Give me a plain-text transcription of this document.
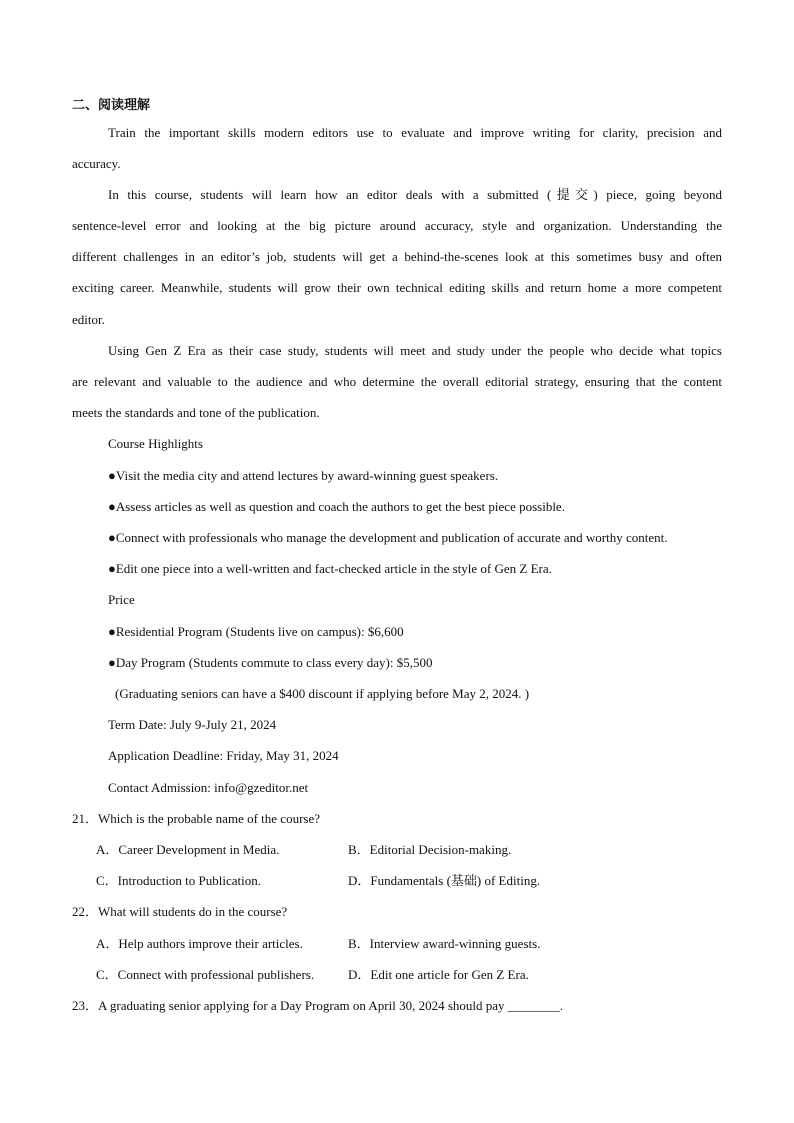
二、阅读理解
Train the important skills modern editors use to evaluate and improve writing for clarity, precision and
accuracy.
In this course, students will learn how an editor deals with a submitted (提交) piece, going beyond
sentence-level error and looking at the big picture around accuracy, style and organization. Understanding the
different challenges in an editor’s job, students will get a behind-the-scenes look at this sometimes busy and often
exciting career. Meanwhile, students will grow their own technical editing skills and return home a more competent
editor.
Using Gen Z Era as their case study, students will meet and study under the people who decide what topics
are relevant and valuable to the audience and who determine the overall editorial strategy, ensuring that the content
meets the standards and tone of the publication.
Course Highlights
●Visit the media city and attend lectures by award-winning guest speakers.
●Assess articles as well as question and coach the authors to get the best piece possible.
●Connect with professionals who manage the development and publication of accurate and worthy content.
●Edit one piece into a well-written and fact-checked article in the style of Gen Z Era.
Price
●Residential Program (Students live on campus): $6,600
●Day Program (Students commute to class every day): $5,500
(Graduating seniors can have a $400 discount if applying before May 2, 2024. )
Term Date: July 9-July 21, 2024
Application Deadline: Friday, May 31, 2024
Contact Admission: info@gzeditor.net
21．Which is the probable name of the course?
A．Career Development in Media.	B．Editorial Decision-making.
C．Introduction to Publication.	D．Fundamentals (基础) of Editing.
22．What will students do in the course?
A．Help authors improve their articles.	B．Interview award-winning guests.
C．Connect with professional publishers.	D．Edit one article for Gen Z Era.
23．A graduating senior applying for a Day Program on April 30, 2024 should pay ________.
